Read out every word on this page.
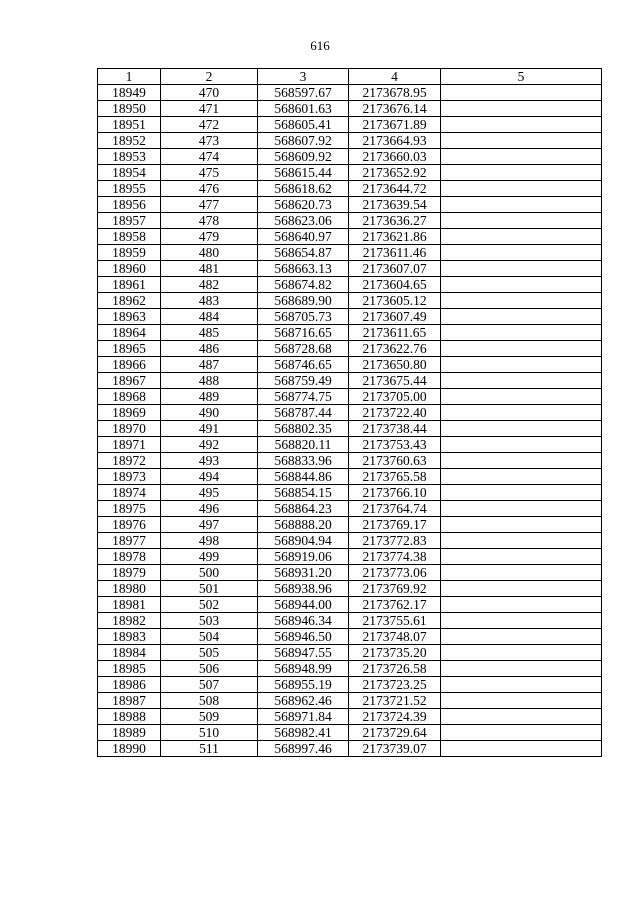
616
1	2	3	4	5
18949	470	568597.67	2173678.95	
18950	471	568601.63	2173676.14	
18951	472	568605.41	2173671.89	
18952	473	568607.92	2173664.93	
18953	474	568609.92	2173660.03	
18954	475	568615.44	2173652.92	
18955	476	568618.62	2173644.72	
18956	477	568620.73	2173639.54	
18957	478	568623.06	2173636.27	
18958	479	568640.97	2173621.86	
18959	480	568654.87	2173611.46	
18960	481	568663.13	2173607.07	
18961	482	568674.82	2173604.65	
18962	483	568689.90	2173605.12	
18963	484	568705.73	2173607.49	
18964	485	568716.65	2173611.65	
18965	486	568728.68	2173622.76	
18966	487	568746.65	2173650.80	
18967	488	568759.49	2173675.44	
18968	489	568774.75	2173705.00	
18969	490	568787.44	2173722.40	
18970	491	568802.35	2173738.44	
18971	492	568820.11	2173753.43	
18972	493	568833.96	2173760.63	
18973	494	568844.86	2173765.58	
18974	495	568854.15	2173766.10	
18975	496	568864.23	2173764.74	
18976	497	568888.20	2173769.17	
18977	498	568904.94	2173772.83	
18978	499	568919.06	2173774.38	
18979	500	568931.20	2173773.06	
18980	501	568938.96	2173769.92	
18981	502	568944.00	2173762.17	
18982	503	568946.34	2173755.61	
18983	504	568946.50	2173748.07	
18984	505	568947.55	2173735.20	
18985	506	568948.99	2173726.58	
18986	507	568955.19	2173723.25	
18987	508	568962.46	2173721.52	
18988	509	568971.84	2173724.39	
18989	510	568982.41	2173729.64	
18990	511	568997.46	2173739.07	
